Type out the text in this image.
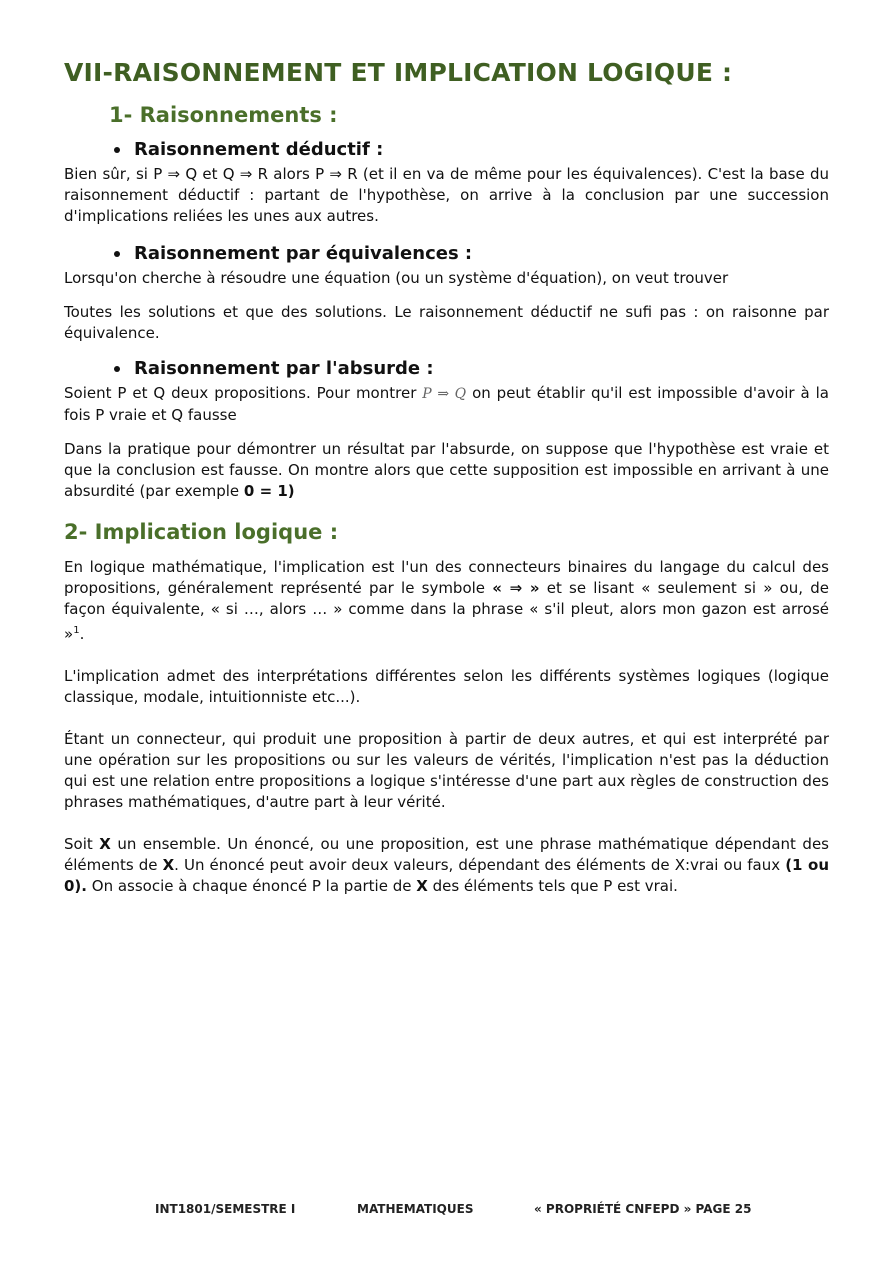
VII-RAISONNEMENT ET IMPLICATION LOGIQUE :
1- Raisonnements :
Raisonnement déductif :

Bien sûr, si P ⇒ Q et Q ⇒ R alors P ⇒ R (et il en va de même pour les équivalences). C'est la base du raisonnement déductif : partant de l'hypothèse, on arrive à la conclusion par une succession d'implications reliées les unes aux autres.

Raisonnement par équivalences :

Lorsqu'on cherche à résoudre une équation (ou un système d'équation), on veut trouver

Toutes les solutions et que des solutions. Le raisonnement déductif ne sufi pas : on raisonne par équivalence.

Raisonnement par l'absurde :

Soient P et Q deux propositions. Pour montrer P ⇒ Q on peut établir qu'il est impossible d'avoir à la fois P vraie et Q fausse

Dans la pratique pour démontrer un résultat par l'absurde, on suppose que l'hypothèse est vraie et que la conclusion est fausse. On montre alors que cette supposition est impossible en arrivant à une absurdité (par exemple 0 = 1)

2- Implication logique :

En logique mathématique, l'implication est l'un des connecteurs binaires du langage du calcul des propositions, généralement représenté par le symbole « ⇒ » et se lisant « seulement si » ou, de façon équivalente, « si …, alors … » comme dans la phrase « s'il pleut, alors mon gazon est arrosé »$^1$.

L'implication admet des interprétations différentes selon les différents systèmes logiques (logique classique, modale, intuitionniste etc...).

Étant un connecteur, qui produit une proposition à partir de deux autres, et qui est interprété par une opération sur les propositions ou sur les valeurs de vérités, l'implication n'est pas la déduction qui est une relation entre propositions a logique s'intéresse d'une part aux règles de construction des phrases mathématiques, d'autre part à leur vérité.

Soit X un ensemble. Un énoncé, ou une proposition, est une phrase mathématique dépendant des éléments de X. Un énoncé peut avoir deux valeurs, dépendant des éléments de X:vrai ou faux (1 ou 0). On associe à chaque énoncé P la partie de X des éléments tels que P est vrai.

INT1801/SEMESTRE I	MATHEMATIQUES	« PROPRIÉTÉ CNFEPD » PAGE 25
